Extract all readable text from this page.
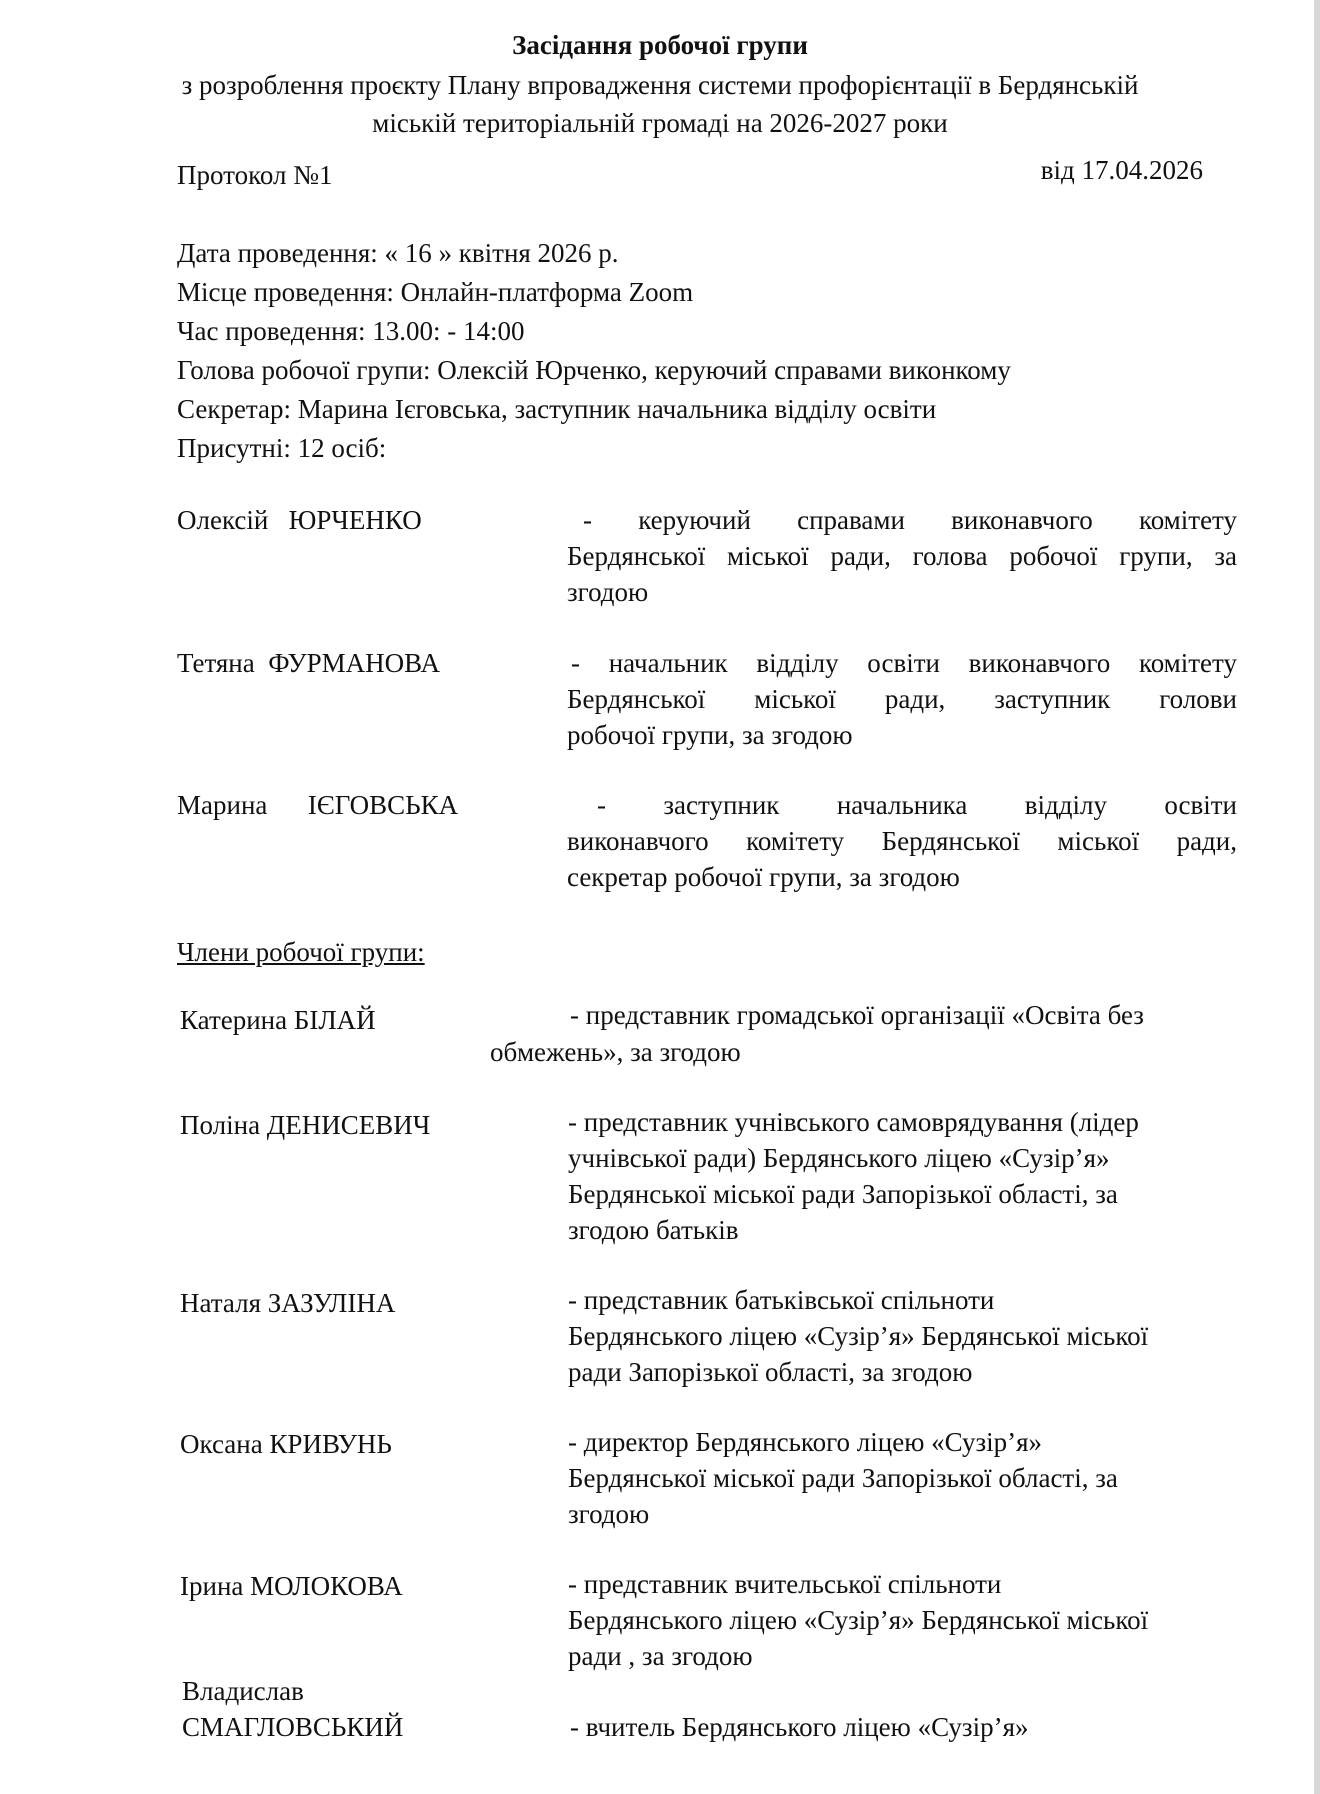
Засідання робочої групи
з розроблення проєкту Плану впровадження системи профорієнтації в Бердянській
міській територіальній громаді на 2026-2027 роки
Протокол №1	від 17.04.2026
Дата проведення: « 16 » квітня 2026 р.
Місце проведення: Онлайн-платформа Zoom
Час проведення: 13.00: - 14:00
Голова робочої групи: Олексій Юрченко, керуючий справами виконкому
Секретар: Марина Ієговська, заступник начальника відділу освіти
Присутні: 12 осіб:
Олексій   ЮРЧЕНКО	- керуючий справами виконавчого комітету
Бердянської міської ради, голова робочої групи, за
згодою
Тетяна  ФУРМАНОВА	- начальник відділу освіти виконавчого комітету
Бердянської міської ради, заступник голови
робочої групи, за згодою
Марина      ІЄГОВСЬКА	- заступник начальника відділу освіти
виконавчого комітету Бердянської міської ради,
секретар робочої групи, за згодою
Члени робочої групи:
Катерина БІЛАЙ	- представник громадської організації «Освіта без
обмежень», за згодою
Поліна ДЕНИСЕВИЧ	- представник учнівського самоврядування (лідер
учнівської ради) Бердянського ліцею «Сузір’я»
Бердянської міської ради Запорізької області, за
згодою батьків
Наталя ЗАЗУЛІНА	- представник батьківської спільноти
Бердянського ліцею «Сузір’я» Бердянської міської
ради Запорізької області, за згодою
Оксана КРИВУНЬ	- директор Бердянського ліцею «Сузір’я»
Бердянської міської ради Запорізької області, за
згодою
Ірина МОЛОКОВА	- представник вчительської спільноти
Бердянського ліцею «Сузір’я» Бердянської міської
ради , за згодою
Владислав
СМАГЛОВСЬКИЙ	- вчитель Бердянського ліцею «Сузір’я»
